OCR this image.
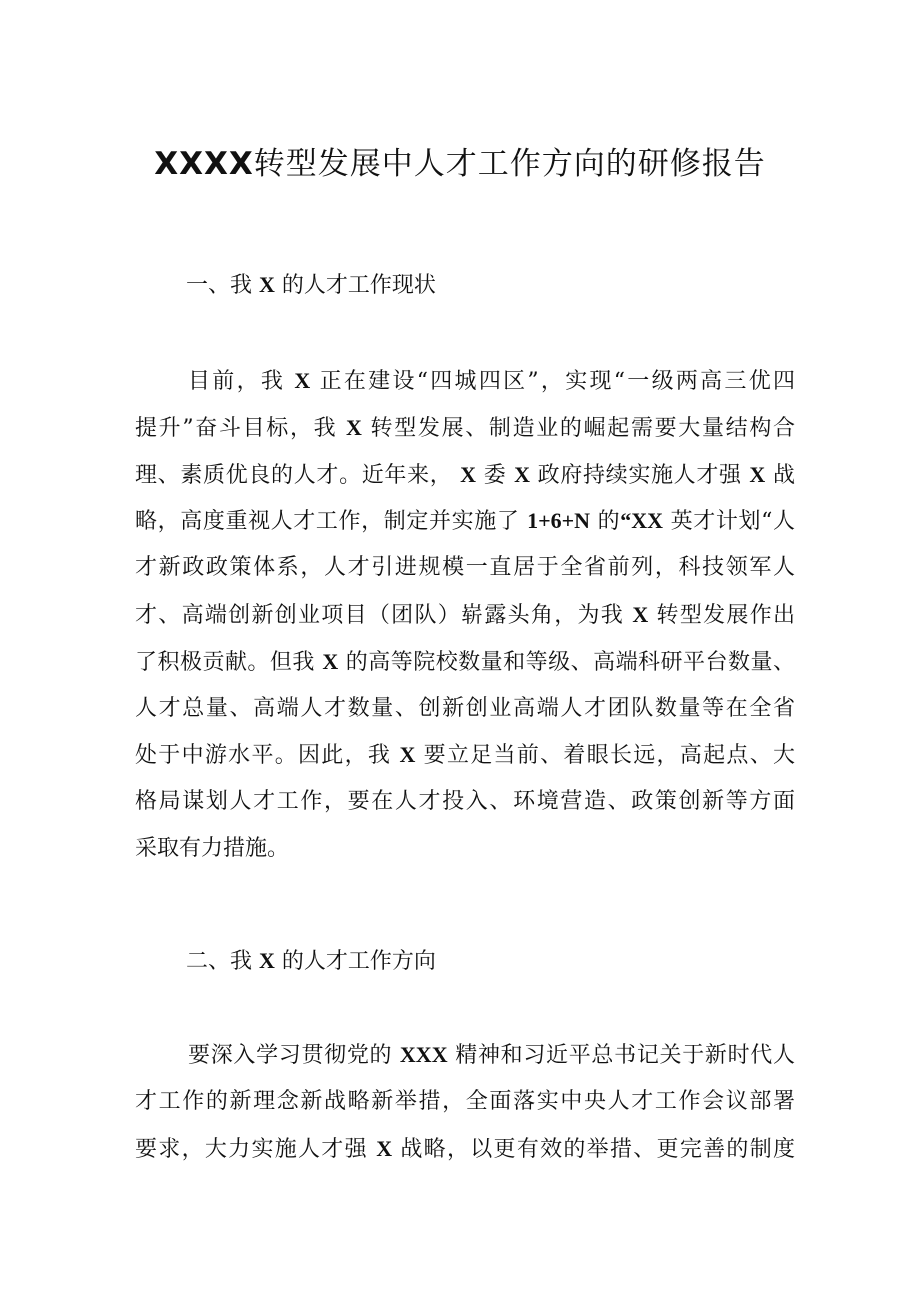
XXXX转型发展中人才工作方向的研修报告
一、我 X 的人才工作现状
目前，我 X 正在建设“四城四区”，实现“一级两高三优四
提升”奋斗目标，我 X 转型发展、制造业的崛起需要大量结构合
理、素质优良的人才。近年来， X 委 X 政府持续实施人才强 X 战
略，高度重视人才工作，制定并实施了 1+6+N 的“XX 英才计划“人
才新政政策体系，人才引进规模一直居于全省前列，科技领军人
才、高端创新创业项目（团队）崭露头角，为我 X 转型发展作出
了积极贡献。但我 X 的高等院校数量和等级、高端科研平台数量、
人才总量、高端人才数量、创新创业高端人才团队数量等在全省
处于中游水平。因此，我 X 要立足当前、着眼长远，高起点、大
格局谋划人才工作，要在人才投入、环境营造、政策创新等方面
采取有力措施。
二、我 X 的人才工作方向
要深入学习贯彻党的 XXX 精神和习近平总书记关于新时代人
才工作的新理念新战略新举措，全面落实中央人才工作会议部署
要求，大力实施人才强 X 战略，以更有效的举措、更完善的制度
